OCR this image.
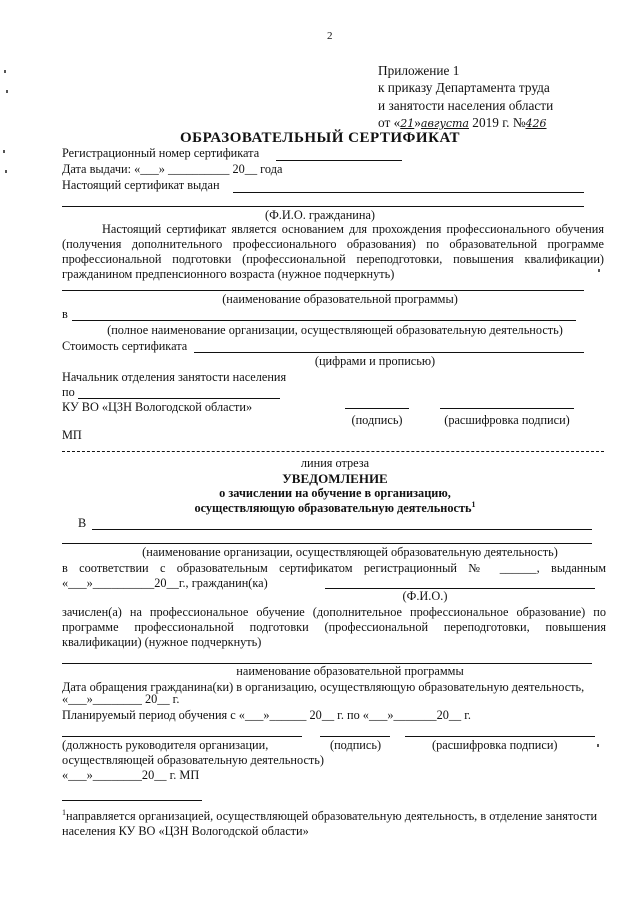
2
Приложение 1
к приказу Департамента труда
и занятости населения области
от «21»августа 2019 г. №426
ОБРАЗОВАТЕЛЬНЫЙ СЕРТИФИКАТ
Регистрационный номер сертификата
Дата выдачи: «___» __________ 20__ года
Настоящий сертификат выдан
(Ф.И.О. гражданина)
Настоящий сертификат является основанием для прохождения профессионального обучения (получения дополнительного профессионального образования) по образовательной программе профессиональной подготовки (профессиональной переподготовки, повышения квалификации) гражданином предпенсионного возраста (нужное подчеркнуть)
(наименование образовательной программы)
в
(полное наименование организации, осуществляющей образовательную деятельность)
Стоимость сертификата
(цифрами и прописью)
Начальник отделения занятости населения
по
КУ ВО «ЦЗН Вологодской области»
(подпись)	(расшифровка подписи)
МП
линия отреза
УВЕДОМЛЕНИЕ
о зачислении на обучение в организацию,
осуществляющую образовательную деятельность$^1$
В
(наименование организации, осуществляющей образовательную деятельность)
в соответствии с образовательным сертификатом регистрационный № ______, выданным «___»__________20__г., гражданин(ка)
(Ф.И.О.)
зачислен(а) на профессиональное обучение (дополнительное профессиональное образование) по программе профессиональной подготовки (профессиональной переподготовки, повышения квалификации) (нужное подчеркнуть)
наименование образовательной программы
Дата обращения гражданина(ки) в организацию, осуществляющую образовательную деятельность,
«___»________ 20__ г.
Планируемый период обучения с «___»______ 20__ г. по «___»_______20__ г.
(должность руководителя организации,	(подпись)	(расшифровка подписи)
осуществляющей образовательную деятельность)
«___»________20__ г. МП
$^1$направляется организацией, осуществляющей образовательную деятельность, в отделение занятости населения КУ ВО «ЦЗН Вологодской области»
